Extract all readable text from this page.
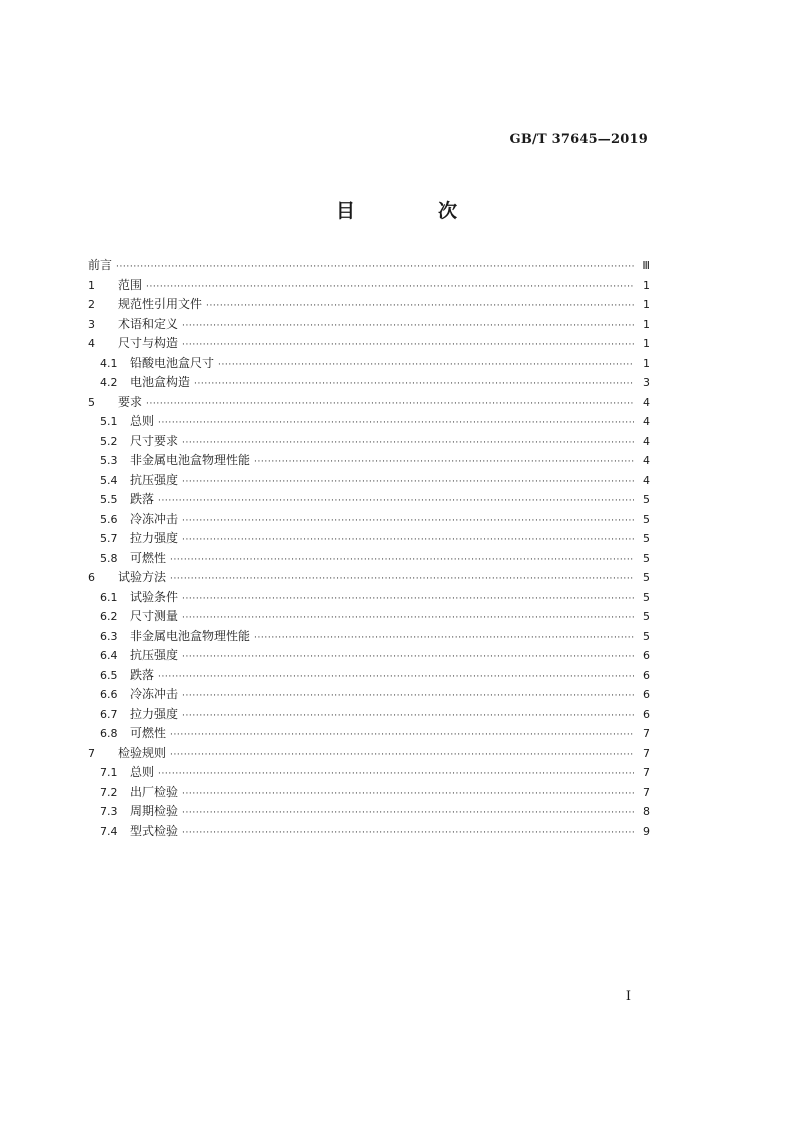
GB/T 37645—2019
目　次
前言 ·····	Ⅲ
1	范围 ·····	1
2	规范性引用文件 ·····	1
3	术语和定义 ·····	1
4	尺寸与构造 ·····	1
4.1	铅酸电池盒尺寸 ·····	1
4.2	电池盒构造 ·····	3
5	要求 ·····	4
5.1	总则 ·····	4
5.2	尺寸要求 ·····	4
5.3	非金属电池盒物理性能 ·····	4
5.4	抗压强度 ·····	4
5.5	跌落 ·····	5
5.6	冷冻冲击 ·····	5
5.7	拉力强度 ·····	5
5.8	可燃性 ·····	5
6	试验方法 ·····	5
6.1	试验条件 ·····	5
6.2	尺寸测量 ·····	5
6.3	非金属电池盒物理性能 ·····	5
6.4	抗压强度 ·····	6
6.5	跌落 ·····	6
6.6	冷冻冲击 ·····	6
6.7	拉力强度 ·····	6
6.8	可燃性 ·····	7
7	检验规则 ·····	7
7.1	总则 ·····	7
7.2	出厂检验 ·····	7
7.3	周期检验 ·····	8
7.4	型式检验 ·····	9
I
